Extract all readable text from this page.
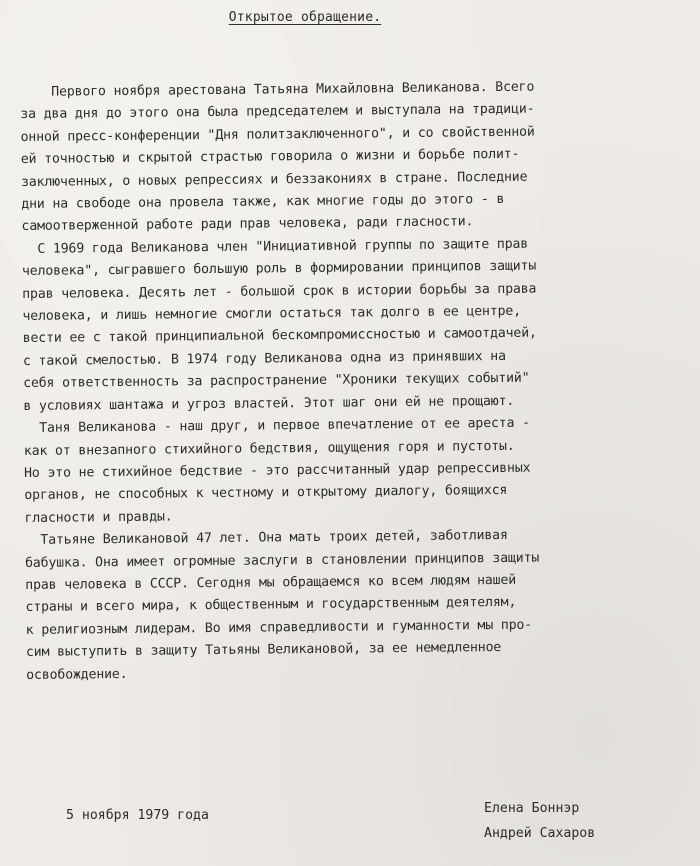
Открытое обращение.
Первого ноября арестована Татьяна Михайловна Великанова. Всего
за два дня до этого она была председателем и выступала на традици-
онной пресс-конференции "Дня политзаключенного", и со свойственной
ей точностью и скрытой страстью говорила о жизни и борьбе полит-
заключенных, о новых репрессиях и беззакониях в стране. Последние
дни на свободе она провела также, как многие годы до этого - в
самоотверженной работе ради прав человека, ради гласности.
С 1969 года Великанова член "Инициативной группы по защите прав
человека", сыгравшего большую роль в формировании принципов защиты
прав человека. Десять лет - большой срок в истории борьбы за права
человека, и лишь немногие смогли остаться так долго в ее центре,
вести ее с такой принципиальной бескомпромиссностью и самоотдачей,
с такой смелостью. В 1974 году Великанова одна из принявших на
себя ответственность за распространение "Хроники текущих событий"
в условиях шантажа и угроз властей. Этот шаг они ей не прощают.
Таня Великанова - наш друг, и первое впечатление от ее ареста -
как от внезапного стихийного бедствия, ощущения горя и пустоты.
Но это не стихийное бедствие - это рассчитанный удар репрессивных
органов, не способных к честному и открытому диалогу, боящихся
гласности и правды.
Татьяне Великановой 47 лет. Она мать троих детей, заботливая
бабушка. Она имеет огромные заслуги в становлении принципов защиты
прав человека в СССР. Сегодня мы обращаемся ко всем людям нашей
страны и всего мира, к общественным и государственным деятелям,
к религиозным лидерам. Во имя справедливости и гуманности мы про-
сим выступить в защиту Татьяны Великановой, за ее немедленное
освобождение.
5 ноября 1979 года	Елена Боннэр
Андрей Сахаров
